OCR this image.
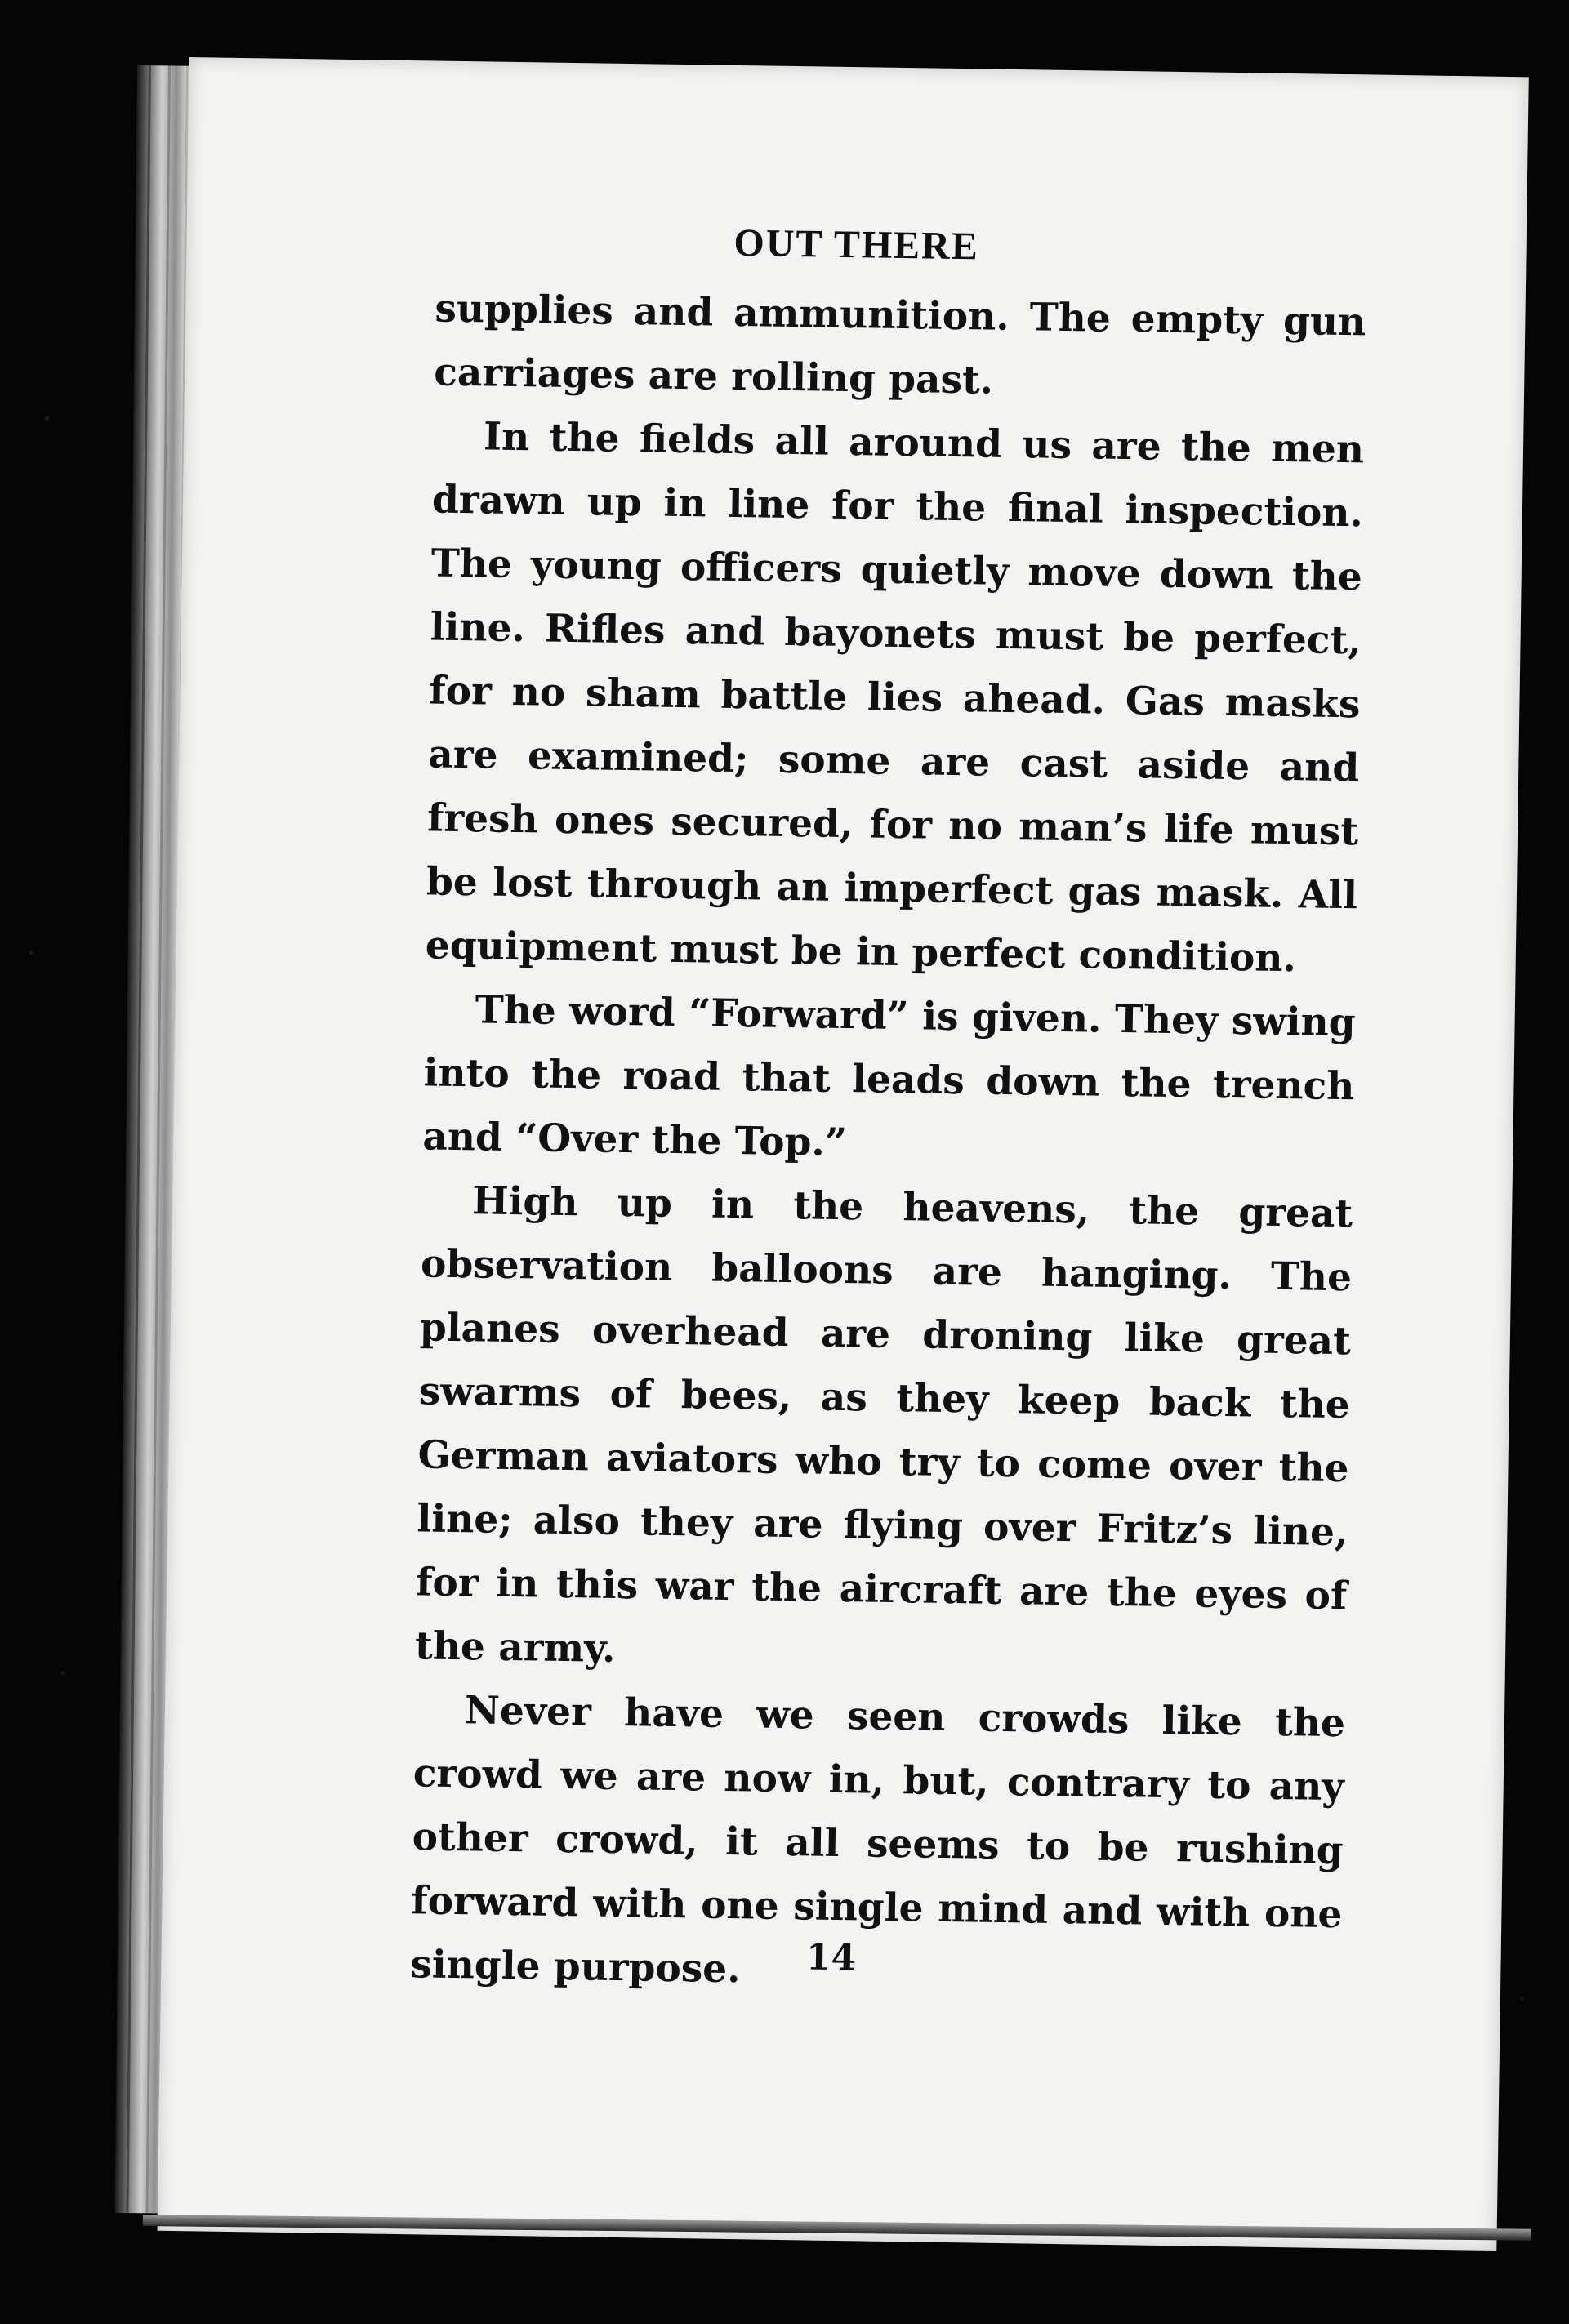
OUT THERE

supplies and ammunition. The empty gun carriages are rolling past.

In the fields all around us are the men drawn up in line for the final inspection. The young officers quietly move down the line. Rifles and bayonets must be perfect, for no sham battle lies ahead. Gas masks are examined; some are cast aside and fresh ones secured, for no man’s life must be lost through an imperfect gas mask. All equipment must be in perfect condition.

The word “Forward” is given. They swing into the road that leads down the trench and “Over the Top.”

High up in the heavens, the great observation balloons are hanging. The planes overhead are droning like great swarms of bees, as they keep back the German aviators who try to come over the line; also they are flying over Fritz’s line, for in this war the aircraft are the eyes of the army.

Never have we seen crowds like the crowd we are now in, but, contrary to any other crowd, it all seems to be rushing forward with one single mind and with one single purpose.	14
